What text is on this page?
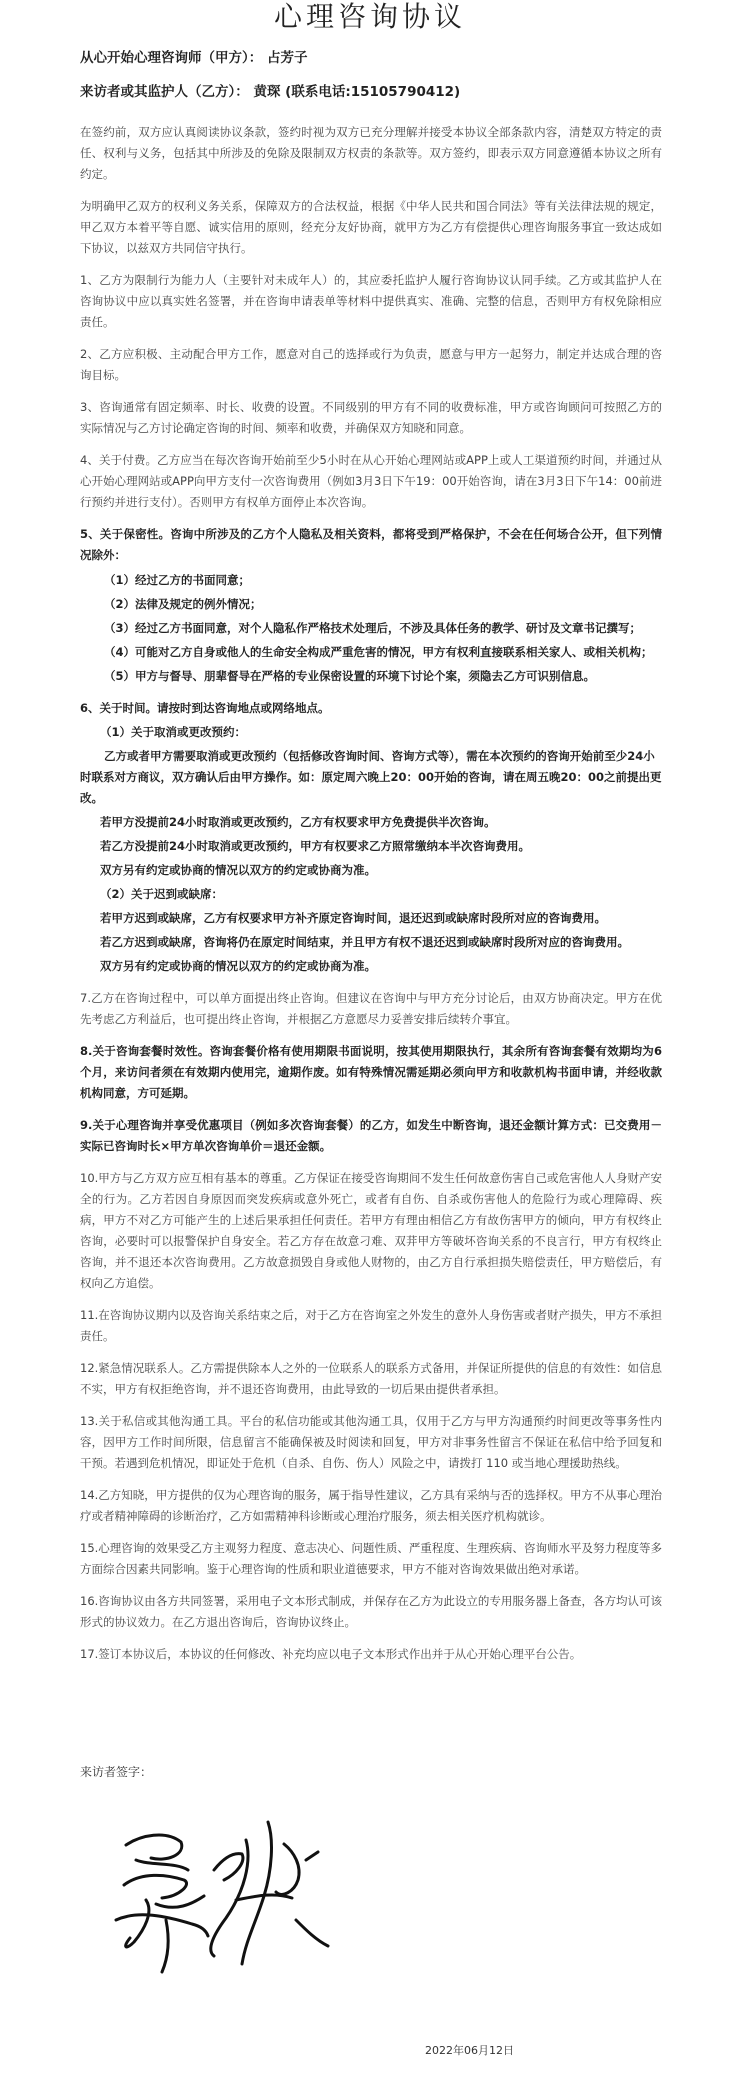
心理咨询协议
从心开始心理咨询师（甲方）： 占芳子
来访者或其监护人（乙方）： 黄琛 (联系电话:15105790412)

在签约前，双方应认真阅读协议条款，签约时视为双方已充分理解并接受本协议全部条款内容，清楚双方特定的责任、权利与义务，包括其中所涉及的免除及限制双方权责的条款等。双方签约，即表示双方同意遵循本协议之所有约定。

为明确甲乙双方的权利义务关系，保障双方的合法权益，根据《中华人民共和国合同法》等有关法律法规的规定，甲乙双方本着平等自愿、诚实信用的原则，经充分友好协商，就甲方为乙方有偿提供心理咨询服务事宜一致达成如下协议，以兹双方共同信守执行。

1、乙方为限制行为能力人（主要针对未成年人）的，其应委托监护人履行咨询协议认同手续。乙方或其监护人在咨询协议中应以真实姓名签署，并在咨询申请表单等材料中提供真实、准确、完整的信息，否则甲方有权免除相应责任。

2、乙方应积极、主动配合甲方工作，愿意对自己的选择或行为负责，愿意与甲方一起努力，制定并达成合理的咨询目标。

3、咨询通常有固定频率、时长、收费的设置。不同级别的甲方有不同的收费标准，甲方或咨询顾问可按照乙方的实际情况与乙方讨论确定咨询的时间、频率和收费，并确保双方知晓和同意。

4、关于付费。乙方应当在每次咨询开始前至少5小时在从心开始心理网站或APP上或人工渠道预约时间，并通过从心开始心理网站或APP向甲方支付一次咨询费用（例如3月3日下午19：00开始咨询，请在3月3日下午14：00前进行预约并进行支付）。否则甲方有权单方面停止本次咨询。

5、关于保密性。咨询中所涉及的乙方个人隐私及相关资料，都将受到严格保护，不会在任何场合公开，但下列情况除外：

（1）经过乙方的书面同意；
（2）法律及规定的例外情况；
（3）经过乙方书面同意，对个人隐私作严格技术处理后，不涉及具体任务的教学、研讨及文章书记撰写；
（4）可能对乙方自身或他人的生命安全构成严重危害的情况，甲方有权利直接联系相关家人、或相关机构；
（5）甲方与督导、朋辈督导在严格的专业保密设置的环境下讨论个案，须隐去乙方可识别信息。

6、关于时间。请按时到达咨询地点或网络地点。

（1）关于取消或更改预约：
乙方或者甲方需要取消或更改预约（包括修改咨询时间、咨询方式等），需在本次预约的咨询开始前至少24小时联系对方商议，双方确认后由甲方操作。如：原定周六晚上20：00开始的咨询，请在周五晚20：00之前提出更改。
若甲方没提前24小时取消或更改预约，乙方有权要求甲方免费提供半次咨询。
若乙方没提前24小时取消或更改预约，甲方有权要求乙方照常缴纳本半次咨询费用。
双方另有约定或协商的情况以双方的约定或协商为准。
（2）关于迟到或缺席：
若甲方迟到或缺席，乙方有权要求甲方补齐原定咨询时间，退还迟到或缺席时段所对应的咨询费用。
若乙方迟到或缺席，咨询将仍在原定时间结束，并且甲方有权不退还迟到或缺席时段所对应的咨询费用。
双方另有约定或协商的情况以双方的约定或协商为准。

7.乙方在咨询过程中，可以单方面提出终止咨询。但建议在咨询中与甲方充分讨论后，由双方协商决定。甲方在优先考虑乙方利益后，也可提出终止咨询，并根据乙方意愿尽力妥善安排后续转介事宜。

8.关于咨询套餐时效性。咨询套餐价格有使用期限书面说明，按其使用期限执行，其余所有咨询套餐有效期均为6个月，来访问者须在有效期内使用完，逾期作废。如有特殊情况需延期必须向甲方和收款机构书面申请，并经收款机构同意，方可延期。

9.关于心理咨询并享受优惠项目（例如多次咨询套餐）的乙方，如发生中断咨询，退还金额计算方式：已交费用－实际已咨询时长×甲方单次咨询单价＝退还金额。

10.甲方与乙方双方应互相有基本的尊重。乙方保证在接受咨询期间不发生任何故意伤害自己或危害他人人身财产安全的行为。乙方若因自身原因而突发疾病或意外死亡，或者有自伤、自杀或伤害他人的危险行为或心理障碍、疾病，甲方不对乙方可能产生的上述后果承担任何责任。若甲方有理由相信乙方有故伤害甲方的倾向，甲方有权终止咨询，必要时可以报警保护自身安全。若乙方存在故意刁难、双荓甲方等破坏咨询关系的不良言行，甲方有权终止咨询，并不退还本次咨询费用。乙方故意损毁自身或他人财物的，由乙方自行承担损失赔偿责任，甲方赔偿后，有权向乙方追偿。

11.在咨询协议期内以及咨询关系结束之后，对于乙方在咨询室之外发生的意外人身伤害或者财产损失，甲方不承担责任。

12.紧急情况联系人。乙方需提供除本人之外的一位联系人的联系方式备用，并保证所提供的信息的有效性：如信息不实，甲方有权拒绝咨询，并不退还咨询费用，由此导致的一切后果由提供者承担。

13.关于私信或其他沟通工具。平台的私信功能或其他沟通工具，仅用于乙方与甲方沟通预约时间更改等事务性内容，因甲方工作时间所限，信息留言不能确保被及时阅读和回复，甲方对非事务性留言不保证在私信中给予回复和干预。若遇到危机情况，即证处于危机（自杀、自伤、伤人）风险之中，请拨打 110 或当地心理援助热线。

14.乙方知晓，甲方提供的仅为心理咨询的服务，属于指导性建议，乙方具有采纳与否的选择权。甲方不从事心理治疗或者精神障碍的诊断治疗，乙方如需精神科诊断或心理治疗服务，须去相关医疗机构就诊。

15.心理咨询的效果受乙方主观努力程度、意志决心、问题性质、严重程度、生理疾病、咨询师水平及努力程度等多方面综合因素共同影响。鉴于心理咨询的性质和职业道德要求，甲方不能对咨询效果做出绝对承诺。

16.咨询协议由各方共同签署，采用电子文本形式制成，并保存在乙方为此设立的专用服务器上备查，各方均认可该形式的协议效力。在乙方退出咨询后，咨询协议终止。

17.签订本协议后，本协议的任何修改、补充均应以电子文本形式作出并于从心开始心理平台公告。

来访者签字：
2022年06月12日
